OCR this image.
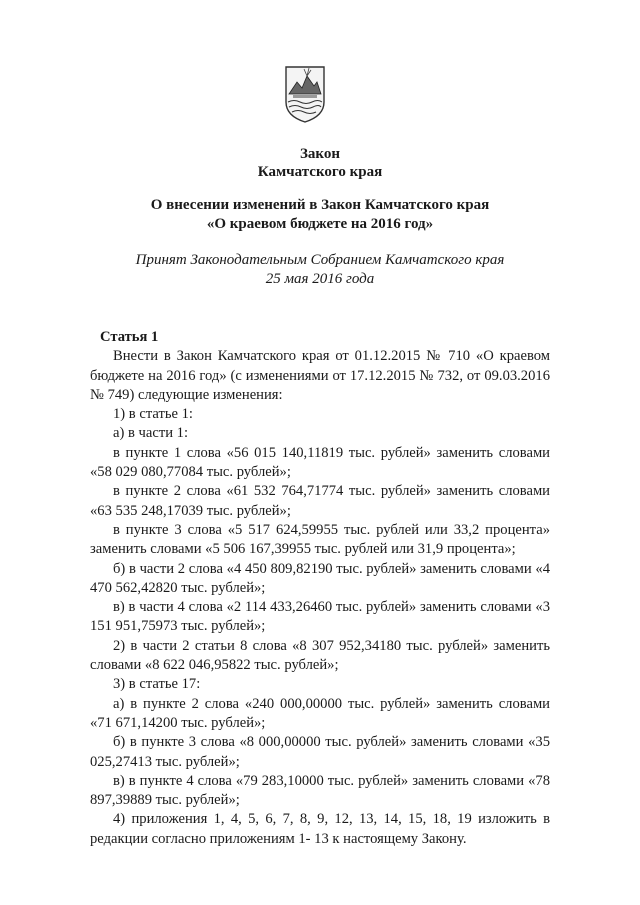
Закон
Камчатского края
О внесении изменений в Закон Камчатского края
«О краевом бюджете на 2016 год»
Принят Законодательным Собранием Камчатского края
25 мая 2016 года
Статья 1
Внести в Закон Камчатского края от 01.12.2015 № 710 «О краевом бюджете на 2016 год» (с изменениями от 17.12.2015 № 732, от 09.03.2016 № 749) следующие изменения:
1) в статье 1:
а) в части 1:
в пункте 1 слова «56 015 140,11819 тыс. рублей» заменить словами «58 029 080,77084 тыс. рублей»;
в пункте 2 слова «61 532 764,71774 тыс. рублей» заменить словами «63 535 248,17039 тыс. рублей»;
в пункте 3 слова «5 517 624,59955 тыс. рублей или 33,2 процента» заменить словами «5 506 167,39955 тыс. рублей или 31,9 процента»;
б) в части 2 слова «4 450 809,82190 тыс. рублей» заменить словами «4 470 562,42820 тыс. рублей»;
в) в части 4 слова «2 114 433,26460 тыс. рублей» заменить словами «3 151 951,75973 тыс. рублей»;
2) в части 2 статьи 8 слова «8 307 952,34180 тыс. рублей» заменить словами «8 622 046,95822 тыс. рублей»;
3) в статье 17:
а) в пункте 2 слова «240 000,00000 тыс. рублей» заменить словами «71 671,14200 тыс. рублей»;
б) в пункте 3 слова «8 000,00000 тыс. рублей» заменить словами «35 025,27413 тыс. рублей»;
в) в пункте 4 слова «79 283,10000 тыс. рублей» заменить словами «78 897,39889 тыс. рублей»;
4) приложения 1, 4, 5, 6, 7, 8, 9, 12, 13, 14, 15, 18, 19 изложить в редакции согласно приложениям 1- 13 к настоящему Закону.
